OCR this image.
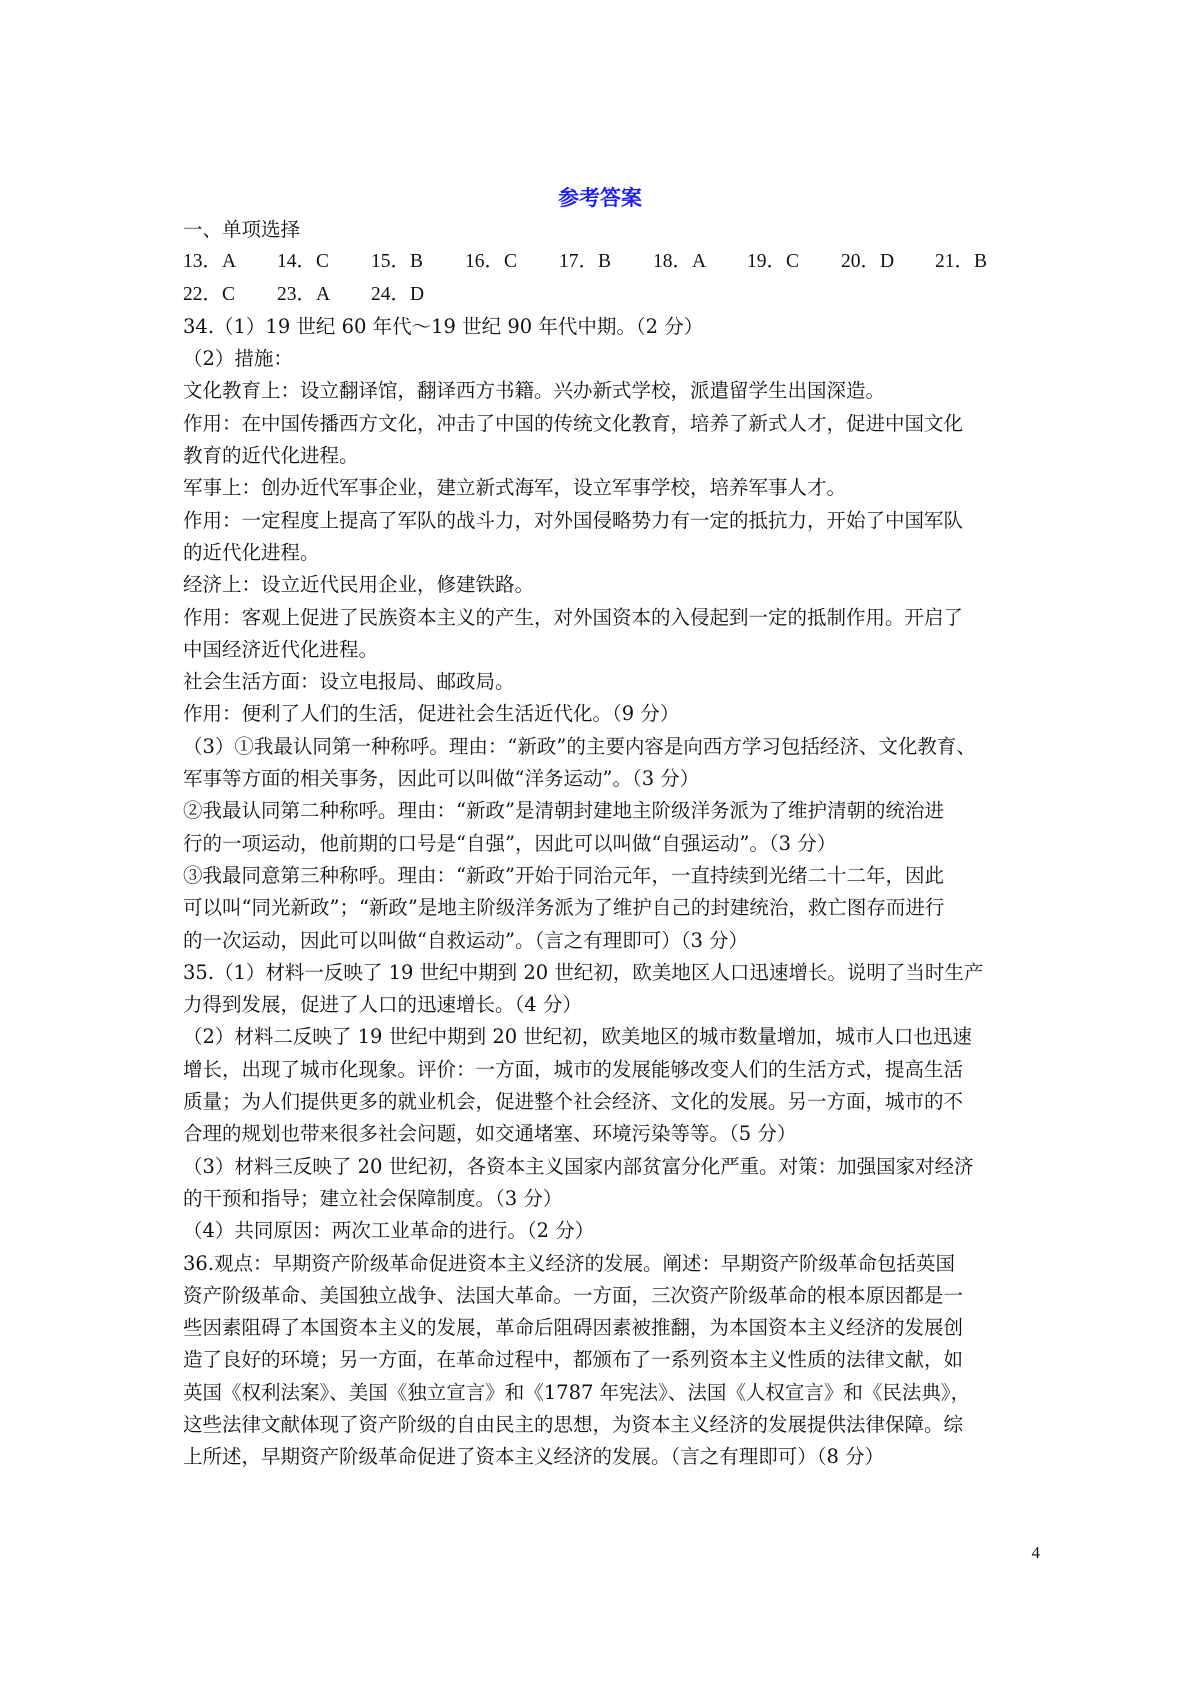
参考答案
一、单项选择
13．A	14．C	15．B	16．C	17．B	18．A	19．C	20．D	21．B
22．C	23．A	24．D
34.（1）19 世纪 60 年代～19 世纪 90 年代中期。（2 分）
（2）措施：
文化教育上：设立翻译馆，翻译西方书籍。兴办新式学校，派遣留学生出国深造。
作用：在中国传播西方文化，冲击了中国的传统文化教育，培养了新式人才，促进中国文化
教育的近代化进程。
军事上：创办近代军事企业，建立新式海军，设立军事学校，培养军事人才。
作用：一定程度上提高了军队的战斗力，对外国侵略势力有一定的抵抗力，开始了中国军队
的近代化进程。
经济上：设立近代民用企业，修建铁路。
作用：客观上促进了民族资本主义的产生，对外国资本的入侵起到一定的抵制作用。开启了
中国经济近代化进程。
社会生活方面：设立电报局、邮政局。
作用：便利了人们的生活，促进社会生活近代化。（9 分）
（3）①我最认同第一种称呼。理由：“新政”的主要内容是向西方学习包括经济、文化教育、
军事等方面的相关事务，因此可以叫做“洋务运动”。（3 分）
②我最认同第二种称呼。理由：“新政”是清朝封建地主阶级洋务派为了维护清朝的统治进
行的一项运动，他前期的口号是“自强”，因此可以叫做“自强运动”。（3 分）
③我最同意第三种称呼。理由：“新政”开始于同治元年，一直持续到光绪二十二年，因此
可以叫“同光新政”；“新政”是地主阶级洋务派为了维护自己的封建统治，救亡图存而进行
的一次运动，因此可以叫做“自救运动”。（言之有理即可）（3 分）
35.（1）材料一反映了 19 世纪中期到 20 世纪初，欧美地区人口迅速增长。说明了当时生产
力得到发展，促进了人口的迅速增长。（4 分）
（2）材料二反映了 19 世纪中期到 20 世纪初，欧美地区的城市数量增加，城市人口也迅速
增长，出现了城市化现象。评价：一方面，城市的发展能够改变人们的生活方式，提高生活
质量；为人们提供更多的就业机会，促进整个社会经济、文化的发展。另一方面，城市的不
合理的规划也带来很多社会问题，如交通堵塞、环境污染等等。（5 分）
（3）材料三反映了 20 世纪初，各资本主义国家内部贫富分化严重。对策：加强国家对经济
的干预和指导；建立社会保障制度。（3 分）
（4）共同原因：两次工业革命的进行。（2 分）
36.观点：早期资产阶级革命促进资本主义经济的发展。阐述：早期资产阶级革命包括英国
资产阶级革命、美国独立战争、法国大革命。一方面，三次资产阶级革命的根本原因都是一
些因素阻碍了本国资本主义的发展，革命后阻碍因素被推翻，为本国资本主义经济的发展创
造了良好的环境；另一方面，在革命过程中，都颁布了一系列资本主义性质的法律文献，如
英国《权利法案》、美国《独立宣言》和《1787 年宪法》、法国《人权宣言》和《民法典》，
这些法律文献体现了资产阶级的自由民主的思想，为资本主义经济的发展提供法律保障。综
上所述，早期资产阶级革命促进了资本主义经济的发展。（言之有理即可）（8 分）
4
